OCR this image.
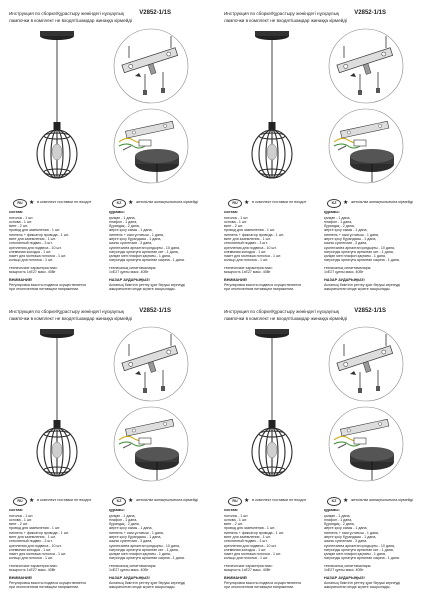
Инструкция по сборке/Құрастыру жөніндегі нұсқаулық	V2852-1/1S
лампочки в комплект не входят/шамдар жинаққа кірмейді
RU	★ в комплект поставки не входит	KZ	★ жеткізілім жинақтылығына кірмейді
состав:
потолок - 1 шт.
основа - 1 шт.
винт - 2 шт.
провод для заземления - 1 шт.
ниппель + фиксатор провода - 1 шт.
винт для заземления - 1 шт.
стеклянный подвес - 3 шт.
крепления для подвеса - 10 шт.
клеммная колодка - 1 шт.
пакет для монтажа потолка - 1 шт.
кольцо для потолка - 1 шт.
технические характеристики:
мощность 1xE27 макс. 40Вт
ВНИМАНИЕ!
Регулировка высоты подвеса осуществляется
при отключенном питающем напряжении.
құрамы:
қалқан - 1 дана,
плафон - 1 дана,
бұрандақ - 2 дана,
жерге қосу сымы - 1 дана,
ниппель + сым ұстағыш - 1 дана,
жерге қосу бұрандасы - 1 дана,
шыны суспензия - 3 дана,
суспензияға арналған қондырғы - 10 дана,
патронды орнатуға арналған кит - 1 дана,
қалқан мен плафон қақпағы - 1 дана,
патронды орнатуға арналған сақина - 1 дана.
техникалық сипаттамалары:
1xE27 қуаты макс. 40Вт
НАЗАР АУДАРЫҢЫЗ!
Аспаның биіктігін реттеу қуат беруші кернеуді
ажыратылған кезде жүзеге асырылады.
Инструкция по сборке/Құрастыру жөніндегі нұсқаулық	V2852-1/1S
лампочки в комплект не входят/шамдар жинаққа кірмейді
RU	★ в комплект поставки не входит	KZ	★ жеткізілім жинақтылығына кірмейді
состав:
потолок - 1 шт.
основа - 1 шт.
винт - 2 шт.
провод для заземления - 1 шт.
ниппель + фиксатор провода - 1 шт.
винт для заземления - 1 шт.
стеклянный подвес - 3 шт.
крепления для подвеса - 10 шт.
клеммная колодка - 1 шт.
пакет для монтажа потолка - 1 шт.
кольцо для потолка - 1 шт.
технические характеристики:
мощность 1xE27 макс. 40Вт
ВНИМАНИЕ!
Регулировка высоты подвеса осуществляется
при отключенном питающем напряжении.
құрамы:
қалқан - 1 дана,
плафон - 1 дана,
бұрандақ - 2 дана,
жерге қосу сымы - 1 дана,
ниппель + сым ұстағыш - 1 дана,
жерге қосу бұрандасы - 1 дана,
шыны суспензия - 3 дана,
суспензияға арналған қондырғы - 10 дана,
патронды орнатуға арналған кит - 1 дана,
қалқан мен плафон қақпағы - 1 дана,
патронды орнатуға арналған сақина - 1 дана.
техникалық сипаттамалары:
1xE27 қуаты макс. 40Вт
НАЗАР АУДАРЫҢЫЗ!
Аспаның биіктігін реттеу қуат беруші кернеуді
ажыратылған кезде жүзеге асырылады.
Инструкция по сборке/Құрастыру жөніндегі нұсқаулық	V2852-1/1S
лампочки в комплект не входят/шамдар жинаққа кірмейді
RU	★ в комплект поставки не входит	KZ	★ жеткізілім жинақтылығына кірмейді
состав:
потолок - 1 шт.
основа - 1 шт.
винт - 2 шт.
провод для заземления - 1 шт.
ниппель + фиксатор провода - 1 шт.
винт для заземления - 1 шт.
стеклянный подвес - 3 шт.
крепления для подвеса - 10 шт.
клеммная колодка - 1 шт.
пакет для монтажа потолка - 1 шт.
кольцо для потолка - 1 шт.
технические характеристики:
мощность 1xE27 макс. 40Вт
ВНИМАНИЕ!
Регулировка высоты подвеса осуществляется
при отключенном питающем напряжении.
құрамы:
қалқан - 1 дана,
плафон - 1 дана,
бұрандақ - 2 дана,
жерге қосу сымы - 1 дана,
ниппель + сым ұстағыш - 1 дана,
жерге қосу бұрандасы - 1 дана,
шыны суспензия - 3 дана,
суспензияға арналған қондырғы - 10 дана,
патронды орнатуға арналған кит - 1 дана,
қалқан мен плафон қақпағы - 1 дана,
патронды орнатуға арналған сақина - 1 дана.
техникалық сипаттамалары:
1xE27 қуаты макс. 40Вт
НАЗАР АУДАРЫҢЫЗ!
Аспаның биіктігін реттеу қуат беруші кернеуді
ажыратылған кезде жүзеге асырылады.
Инструкция по сборке/Құрастыру жөніндегі нұсқаулық	V2852-1/1S
лампочки в комплект не входят/шамдар жинаққа кірмейді
RU	★ в комплект поставки не входит	KZ	★ жеткізілім жинақтылығына кірмейді
состав:
потолок - 1 шт.
основа - 1 шт.
винт - 2 шт.
провод для заземления - 1 шт.
ниппель + фиксатор провода - 1 шт.
винт для заземления - 1 шт.
стеклянный подвес - 3 шт.
крепления для подвеса - 10 шт.
клеммная колодка - 1 шт.
пакет для монтажа потолка - 1 шт.
кольцо для потолка - 1 шт.
технические характеристики:
мощность 1xE27 макс. 40Вт
ВНИМАНИЕ!
Регулировка высоты подвеса осуществляется
при отключенном питающем напряжении.
құрамы:
қалқан - 1 дана,
плафон - 1 дана,
бұрандақ - 2 дана,
жерге қосу сымы - 1 дана,
ниппель + сым ұстағыш - 1 дана,
жерге қосу бұрандасы - 1 дана,
шыны суспензия - 3 дана,
суспензияға арналған қондырғы - 10 дана,
патронды орнатуға арналған кит - 1 дана,
қалқан мен плафон қақпағы - 1 дана,
патронды орнатуға арналған сақина - 1 дана.
техникалық сипаттамалары:
1xE27 қуаты макс. 40Вт
НАЗАР АУДАРЫҢЫЗ!
Аспаның биіктігін реттеу қуат беруші кернеуді
ажыратылған кезде жүзеге асырылады.
